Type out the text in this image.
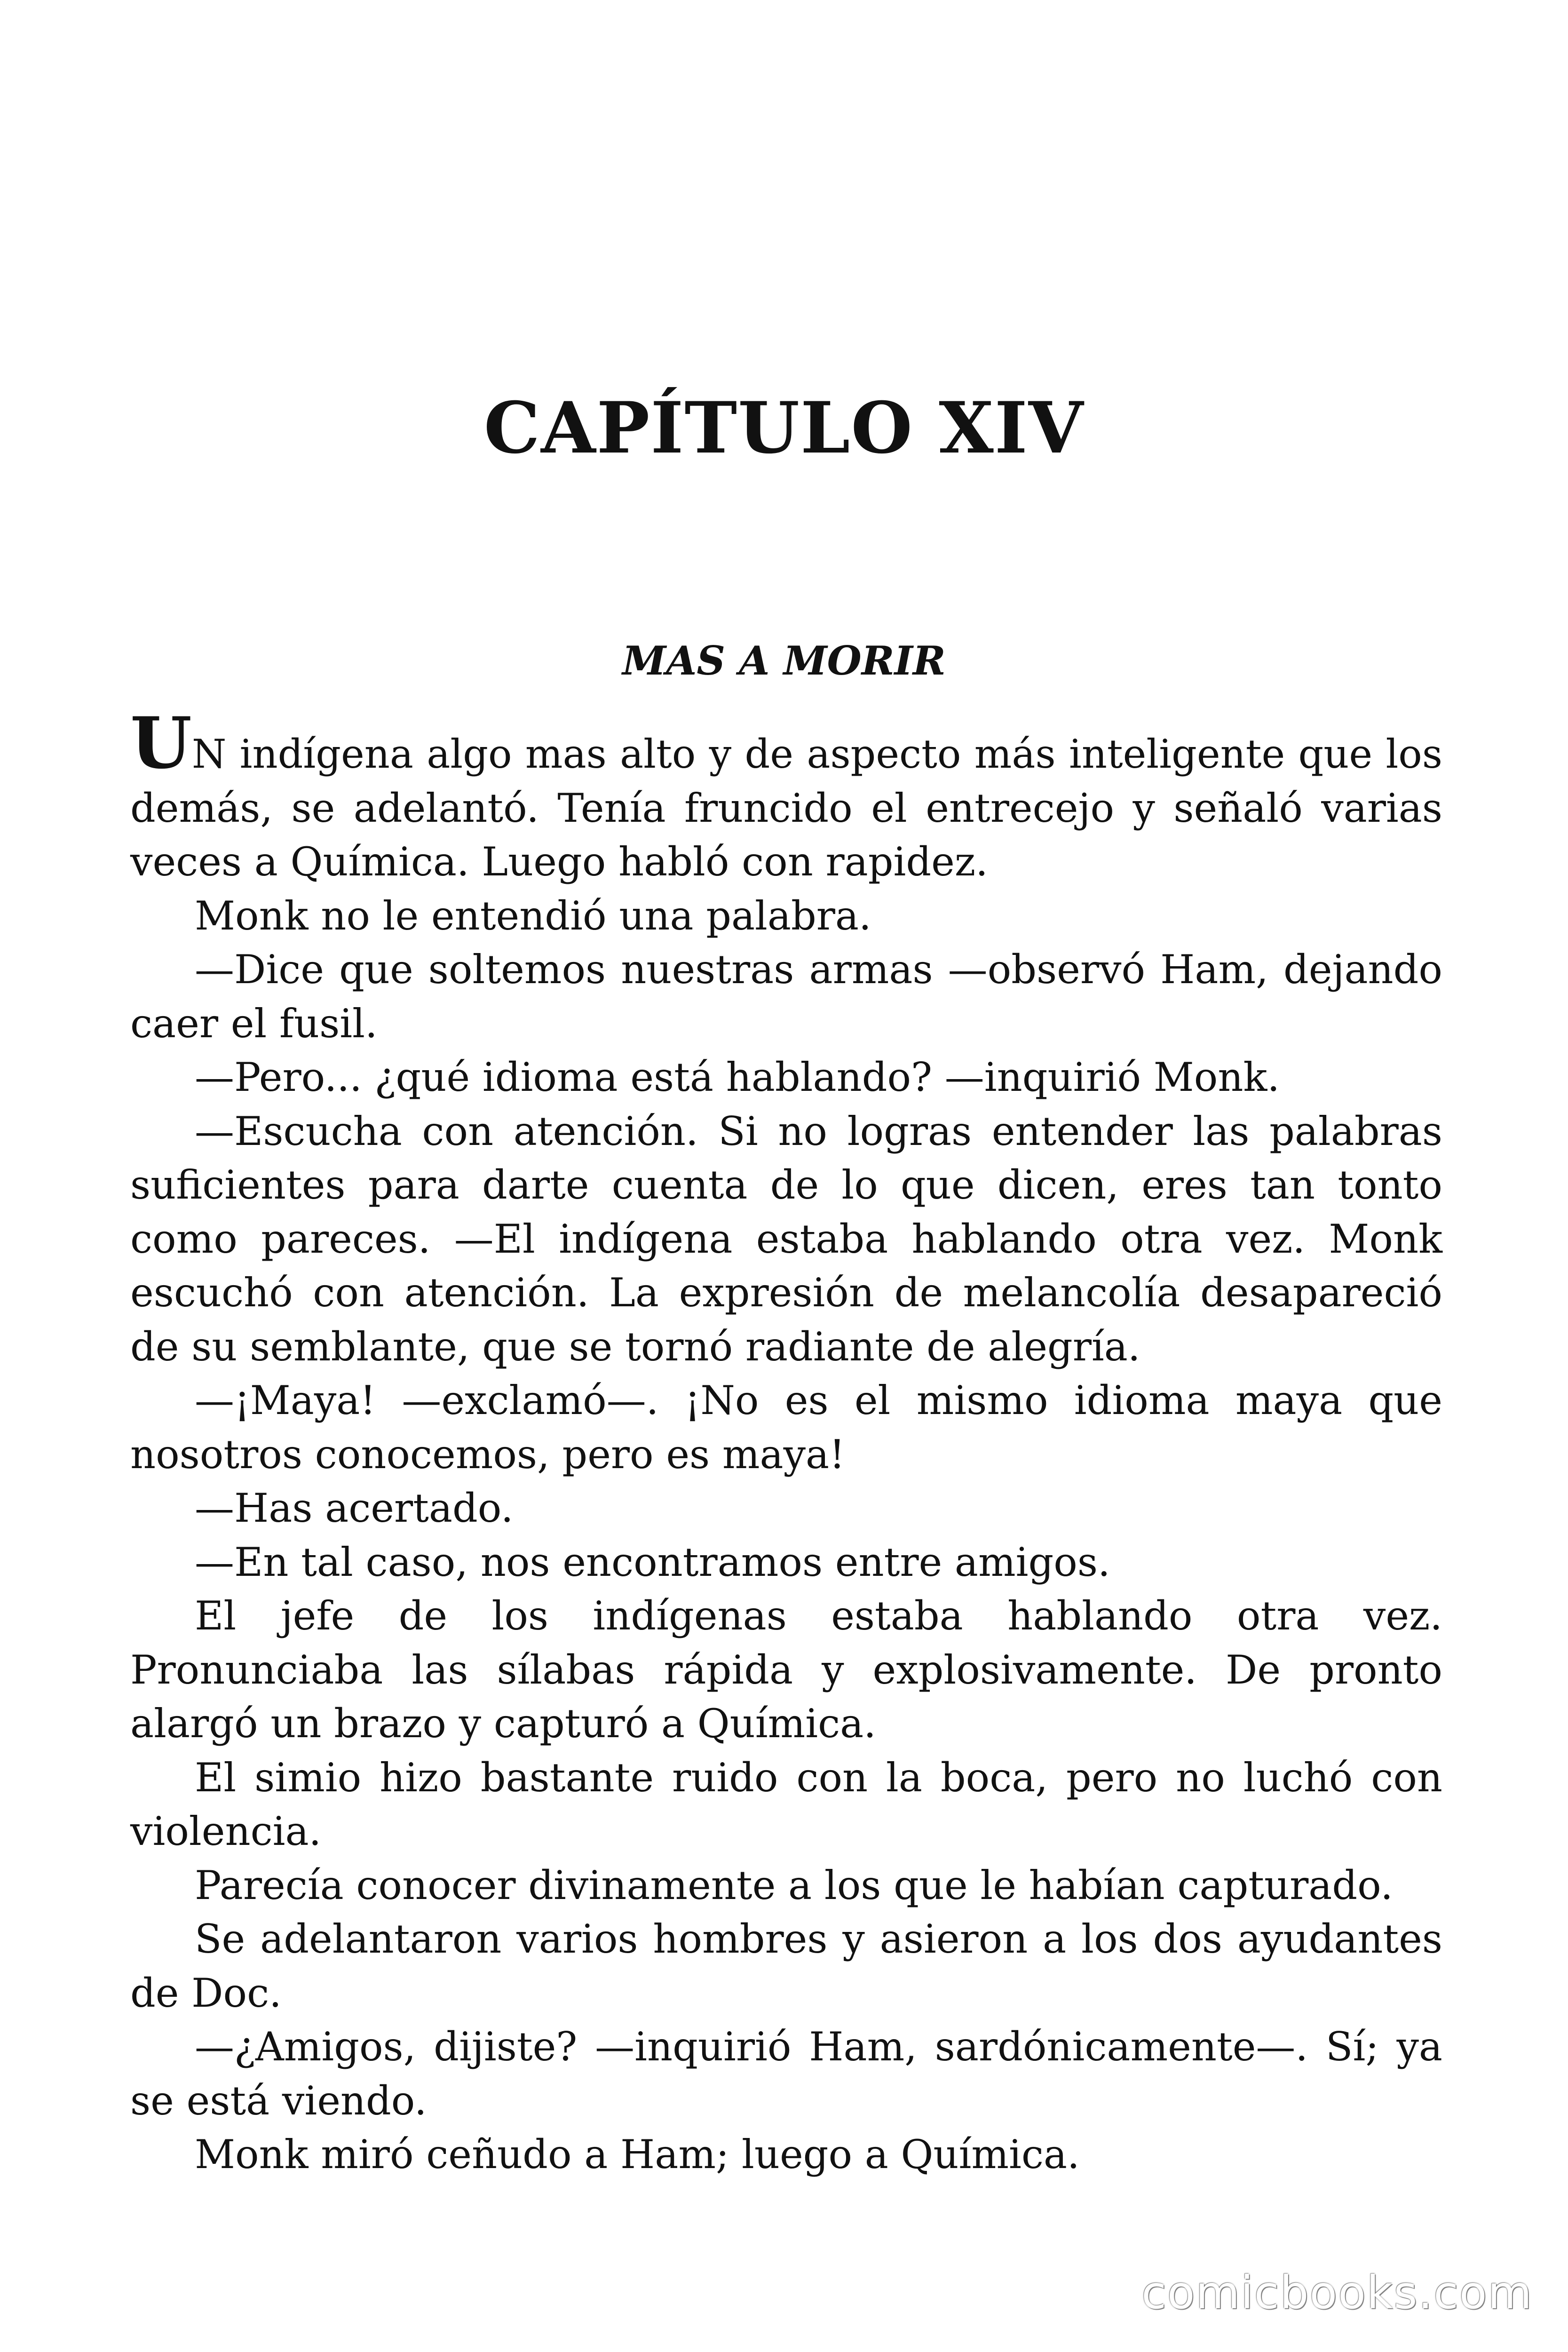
CAPÍTULO XIV
MAS A MORIR

UN indígena algo mas alto y de aspecto más inteligente que los demás, se adelantó. Tenía fruncido el entrecejo y señaló varias veces a Química. Luego habló con rapidez.

Monk no le entendió una palabra.

—Dice que soltemos nuestras armas —observó Ham, dejando caer el fusil.

—Pero... ¿qué idioma está hablando? —inquirió Monk.

—Escucha con atención. Si no logras entender las palabras suficientes para darte cuenta de lo que dicen, eres tan tonto como pareces. —El indígena estaba hablando otra vez. Monk escuchó con atención. La expresión de melancolía desapareció de su semblante, que se tornó radiante de alegría.

—¡Maya! —exclamó—. ¡No es el mismo idioma maya que nosotros conocemos, pero es maya!

—Has acertado.

—En tal caso, nos encontramos entre amigos.

El jefe de los indígenas estaba hablando otra vez. Pronunciaba las sílabas rápida y explosivamente. De pronto alargó un brazo y capturó a Química.

El simio hizo bastante ruido con la boca, pero no luchó con violencia.

Parecía conocer divinamente a los que le habían capturado.

Se adelantaron varios hombres y asieron a los dos ayudantes de Doc.

—¿Amigos, dijiste? —inquirió Ham, sardónicamente—. Sí; ya se está viendo.

Monk miró ceñudo a Ham; luego a Química.

comicbooks.com
